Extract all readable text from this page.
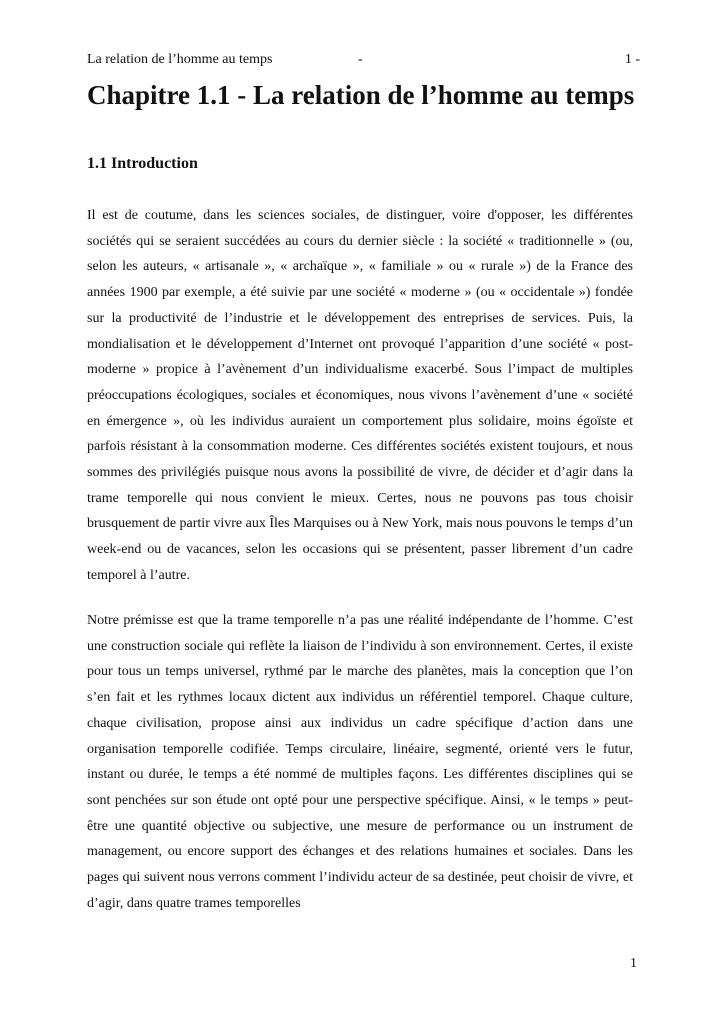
La relation de l’homme au temps	-	1 -
Chapitre 1.1 - La relation de l’homme au temps
1.1 Introduction

Il est de coutume, dans les sciences sociales, de distinguer, voire d'opposer, les différentes sociétés qui se seraient succédées au cours du dernier siècle : la société « traditionnelle » (ou, selon les auteurs, « artisanale », « archaïque », « familiale » ou « rurale ») de la France des années 1900 par exemple, a été suivie par une société « moderne » (ou « occidentale ») fondée sur la productivité de l’industrie et le développement des entreprises de services. Puis, la mondialisation et le développement d’Internet ont provoqué l’apparition d’une société « post-moderne » propice à l’avènement d’un individualisme exacerbé. Sous l’impact de multiples préoccupations écologiques, sociales et économiques, nous vivons l’avènement d’une « société en émergence », où les individus auraient un comportement plus solidaire, moins égoïste et parfois résistant à la consommation moderne. Ces différentes sociétés existent toujours, et nous sommes des privilégiés puisque nous avons la possibilité de vivre, de décider et d’agir dans la trame temporelle qui nous convient le mieux. Certes, nous ne pouvons pas tous choisir brusquement de partir vivre aux Îles Marquises ou à New York, mais nous pouvons le temps d’un week-end ou de vacances, selon les occasions qui se présentent, passer librement d’un cadre temporel à l’autre.

Notre prémisse est que la trame temporelle n’a pas une réalité indépendante de l’homme. C’est une construction sociale qui reflète la liaison de l’individu à son environnement. Certes, il existe pour tous un temps universel, rythmé par le marche des planètes, mais la conception que l’on s’en fait et les rythmes locaux dictent aux individus un référentiel temporel. Chaque culture, chaque civilisation, propose ainsi aux individus un cadre spécifique d’action dans une organisation temporelle codifiée. Temps circulaire, linéaire, segmenté, orienté vers le futur, instant ou durée, le temps a été nommé de multiples façons. Les différentes disciplines qui se sont penchées sur son étude ont opté pour une perspective spécifique. Ainsi, « le temps » peut-être une quantité objective ou subjective, une mesure de performance ou un instrument de management, ou encore support des échanges et des relations humaines et sociales. Dans les pages qui suivent nous verrons comment l’individu acteur de sa destinée, peut choisir de vivre, et d’agir, dans quatre trames temporelles

1
